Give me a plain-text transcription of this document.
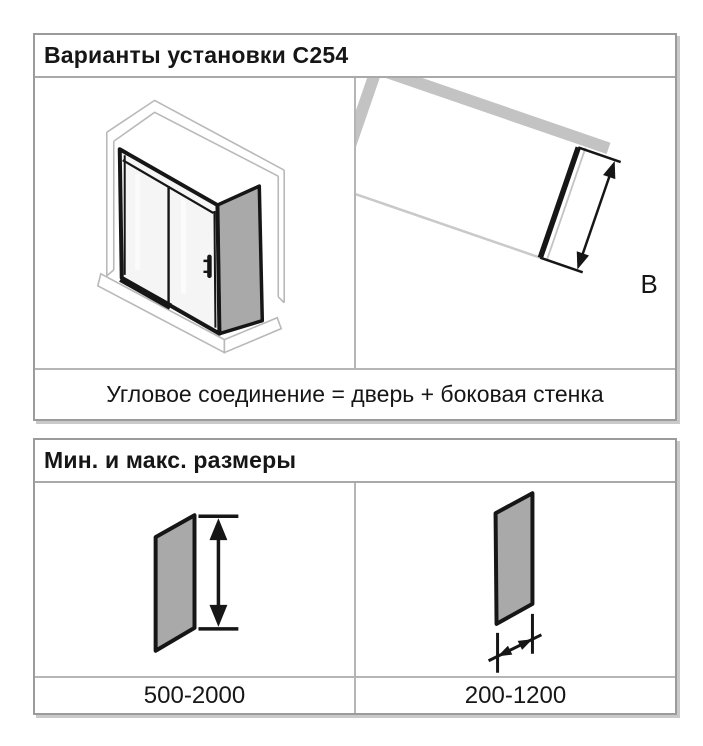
Варианты установки C254
B
Угловое соединение = дверь + боковая стенка
Мин. и макс. размеры
500-2000	200-1200
